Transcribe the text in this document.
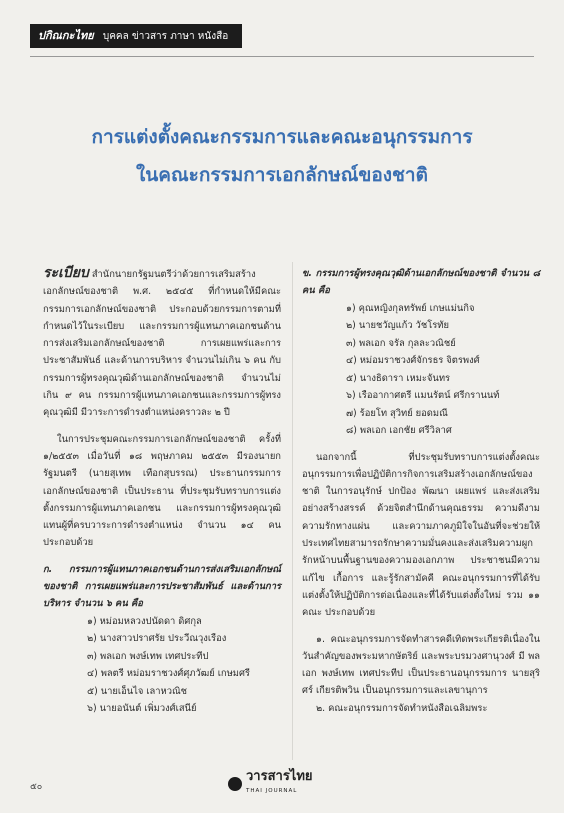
ปกิณกะไทย บุคคล ข่าวสาร ภาษา หนังสือ
การแต่งตั้งคณะกรรมการและคณะอนุกรรมการ
ในคณะกรรมการเอกลักษณ์ของชาติ

ระเบียบ สำนักนายกรัฐมนตรีว่าด้วยการเสริมสร้างเอกลักษณ์ของชาติ พ.ศ. ๒๕๔๕ ที่กำหนดให้มีคณะกรรมการเอกลักษณ์ของชาติ ประกอบด้วยกรรมการตามที่กำหนดไว้ในระเบียบ และกรรมการผู้แทนภาคเอกชนด้านการส่งเสริมเอกลักษณ์ของชาติ การเผยแพร่และการประชาสัมพันธ์ และด้านการบริหาร จำนวนไม่เกิน ๖ คน กับกรรมการผู้ทรงคุณวุฒิด้านเอกลักษณ์ของชาติ จำนวนไม่เกิน ๙ คน กรรมการผู้แทนภาคเอกชนและกรรมการผู้ทรงคุณวุฒิมี มีวาระการดำรงตำแหน่งคราวละ ๒ ปี

ในการประชุมคณะกรรมการเอกลักษณ์ของชาติ ครั้งที่ ๑/๒๕๕๓ เมื่อวันที่ ๑๘ พฤษภาคม ๒๕๕๓ มีรองนายกรัฐมนตรี (นายสุเทพ เทือกสุบรรณ) ประธานกรรมการเอกลักษณ์ของชาติ เป็นประธาน ที่ประชุมรับทราบการแต่งตั้งกรรมการผู้แทนภาคเอกชน และกรรมการผู้ทรงคุณวุฒิ แทนผู้ที่ครบวาระการดำรงตำแหน่ง จำนวน ๑๔ คน ประกอบด้วย

ก. กรรมการผู้แทนภาคเอกชนด้านการส่งเสริมเอกลักษณ์ของชาติ การเผยแพร่และการประชาสัมพันธ์ และด้านการบริหาร จำนวน ๖ คน คือ

๑) หม่อมหลวงปนัดดา ดิศกุล
๒) นางสาวปราศรัย ประวีณวุงเรือง
๓) พลเอก พงษ์เทพ เทศประทีป
๔) พลตรี หม่อมราชวงศ์ศุภวัฒย์ เกษมศรี
๕) นายเอ็นไจ เลาหวณิช
๖) นายอนันต์ เพิ่มวงศ์เสนีย์

ข. กรรมการผู้ทรงคุณวุฒิด้านเอกลักษณ์ของชาติ จำนวน ๘ คน คือ

๑) คุณหญิงกุลทรัพย์ เกษแม่นกิจ
๒) นายชวัญแก้ว วัชโรทัย
๓) พลเอก จรัล กุลละวณิชย์
๔) หม่อมราชวงศ์จักรธร จิตรพงศ์
๕) นางธิดารา เหมะจันทร
๖) เรืออากาศตรี แมนรัตน์ ศรีกรานนท์
๗) ร้อยโท สุวิทย์ ยอดมณี
๘) พลเอก เอกชัย ศรีวิลาศ

นอกจากนี้ ที่ประชุมรับทราบการแต่งตั้งคณะอนุกรรมการเพื่อปฏิบัติการกิจการเสริมสร้างเอกลักษณ์ของชาติ ในการอนุรักษ์ ปกป้อง พัฒนา เผยแพร่ และส่งเสริมอย่างสร้างสรรค์ ด้วยจิตสำนึกด้านคุณธรรม ความดีงาม ความรักทางแผ่น และความภาคภูมิใจในอันที่จะช่วยให้ประเทศไทยสามารถรักษาความมั่นคงและส่งเสริมความผูกรักหน้าบนพื้นฐานของความองเอกภาพ ประชาชนมีความแก้ไข เกื้อการ และรู้รักสามัคคี คณะอนุกรรมการที่ได้รับแต่งตั้งให้ปฏิบัติการต่อเนื่องและที่ได้รับแต่งตั้งใหม่ รวม ๑๑ คณะ ประกอบด้วย

๑. คณะอนุกรรมการจัดทำสารคดีเทิดพระเกียรติเนื่องในวันสำคัญของพระมหากษัตริย์ และพระบรมวงศานุวงศ์ มี พลเอก พงษ์เทพ เทศประทีป เป็นประธานอนุกรรมการ นายสุริศร์ เกียรติพวิน เป็นอนุกรรมการและเลขานุการ

๒. คณะอนุกรรมการจัดทำหนังสือเฉลิมพระ

๕๐
วารสารไทย
THAI JOURNAL
